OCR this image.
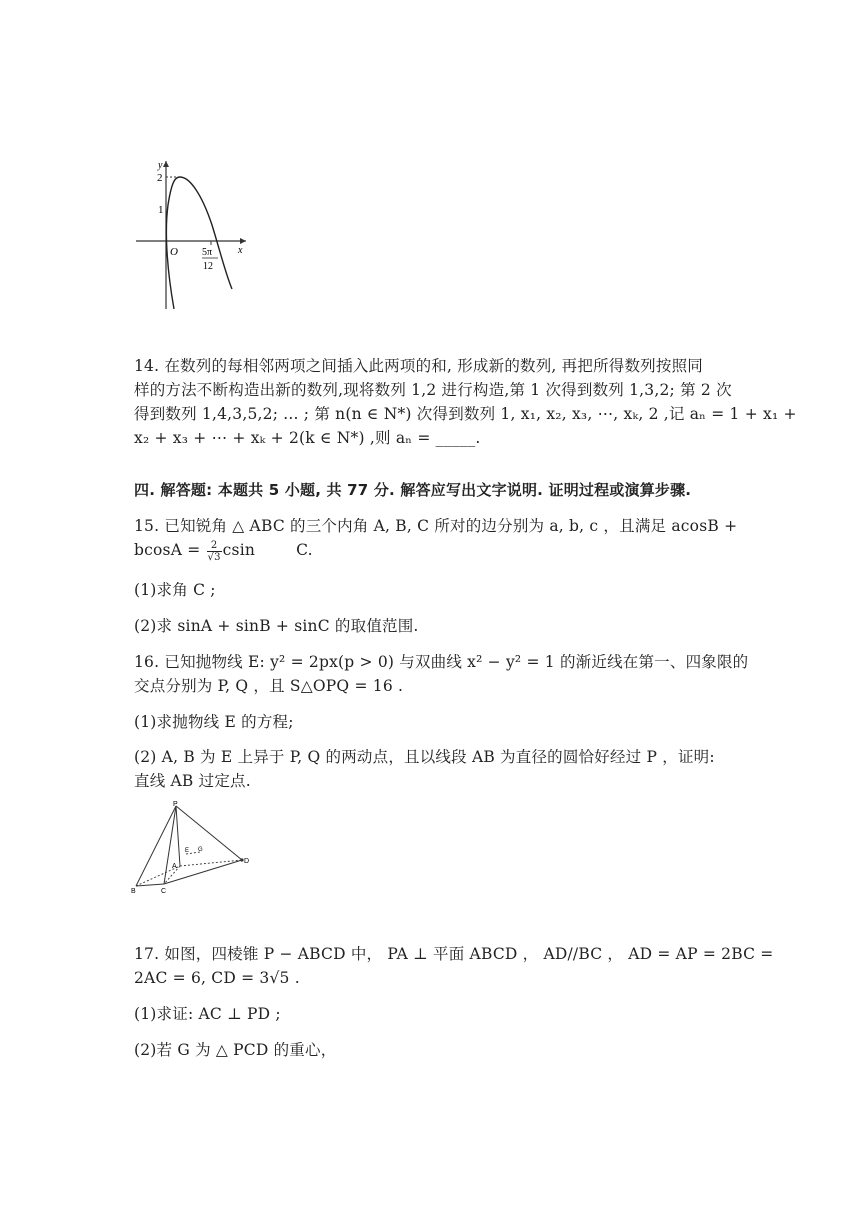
y
2
1
O	x
5π
12
14. 在数列的每相邻两项之间插入此两项的和, 形成新的数列, 再把所得数列按照同
样的方法不断构造出新的数列,现将数列 1,2 进行构造,第 1 次得到数列 1,3,2; 第 2 次
得到数列 1,4,3,5,2; ... ; 第 n(n ∈ N*) 次得到数列 1, x₁, x₂, x₃, ⋯, xₖ, 2 ,记 aₙ = 1 + x₁ +
x₂ + x₃ + ⋯ + xₖ + 2(k ∈ N*) ,则 aₙ = _____.
四. 解答题: 本题共 5 小题, 共 77 分. 解答应写出文字说明. 证明过程或演算步骤.
15. 已知锐角 △ ABC 的三个内角 A, B, C 所对的边分别为 a, b, c ，且满足 acosB +
$bcosA = \frac{2}{√3}$ csin        C.
(1)求角 C ;
(2)求 sinA + sinB + sinC 的取值范围.
16. 已知抛物线 E: y² = 2px(p > 0) 与双曲线 x² − y² = 1 的渐近线在第一、四象限的
交点分别为 P, Q ，且 S△OPQ = 16 .
(1)求抛物线 E 的方程;
(2) A, B 为 E 上异于 P, Q 的两动点，且以线段 AB 为直径的圆恰好经过 P ，证明:
直线 AB 过定点.
P
E G
A
D
B	C
17. 如图，四棱锥 P − ABCD 中， PA ⊥ 平面 ABCD ， AD//BC ， AD = AP = 2BC =
2AC = 6, CD = 3√5 .
(1)求证: AC ⊥ PD ;
(2)若 G 为 △ PCD 的重心，
